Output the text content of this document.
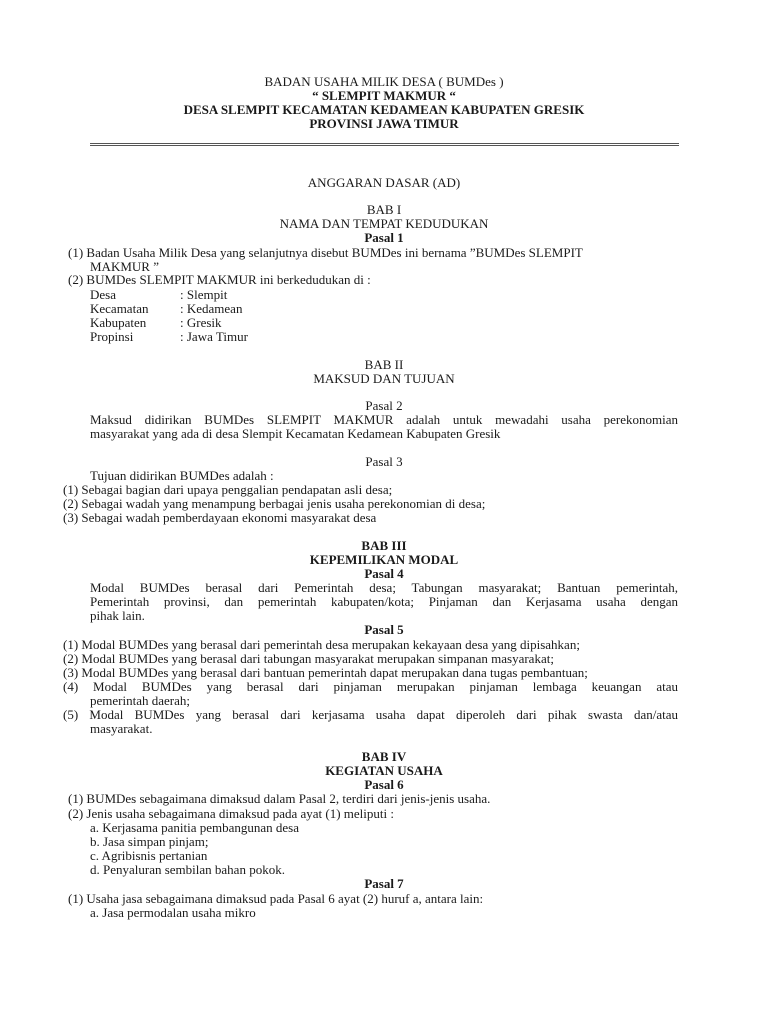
BADAN USAHA MILIK DESA ( BUMDes )
“ SLEMPIT MAKMUR “
DESA SLEMPIT KECAMATAN KEDAMEAN KABUPATEN GRESIK
PROVINSI JAWA TIMUR
ANGGARAN DASAR (AD)
BAB I
NAMA DAN TEMPAT KEDUDUKAN
Pasal 1
(1) Badan Usaha Milik Desa yang selanjutnya disebut BUMDes ini bernama ”BUMDes SLEMPIT
MAKMUR ”
(2) BUMDes SLEMPIT MAKMUR ini berkedudukan di :
Desa	: Slempit
Kecamatan : Kedamean
Kabupaten	: Gresik
Propinsi	: Jawa Timur
BAB II
MAKSUD DAN TUJUAN
Pasal 2
Maksud didirikan BUMDes SLEMPIT MAKMUR adalah untuk mewadahi usaha perekonomian
masyarakat yang ada di desa Slempit Kecamatan Kedamean Kabupaten Gresik
Pasal 3
Tujuan didirikan BUMDes adalah :
(1) Sebagai bagian dari upaya penggalian pendapatan asli desa;
(2) Sebagai wadah yang menampung berbagai jenis usaha perekonomian di desa;
(3) Sebagai wadah pemberdayaan ekonomi masyarakat desa
BAB III
KEPEMILIKAN MODAL
Pasal 4
Modal BUMDes berasal dari Pemerintah desa; Tabungan masyarakat; Bantuan pemerintah,
Pemerintah provinsi, dan pemerintah kabupaten/kota; Pinjaman dan Kerjasama usaha dengan
pihak lain.
Pasal 5
(1) Modal BUMDes yang berasal dari pemerintah desa merupakan kekayaan desa yang dipisahkan;
(2) Modal BUMDes yang berasal dari tabungan masyarakat merupakan simpanan masyarakat;
(3) Modal BUMDes yang berasal dari bantuan pemerintah dapat merupakan dana tugas pembantuan;
(4) Modal BUMDes yang berasal dari pinjaman merupakan pinjaman lembaga keuangan atau
pemerintah daerah;
(5) Modal BUMDes yang berasal dari kerjasama usaha dapat diperoleh dari pihak swasta dan/atau
masyarakat.
BAB IV
KEGIATAN USAHA
Pasal 6
(1) BUMDes sebagaimana dimaksud dalam Pasal 2, terdiri dari jenis-jenis usaha.
(2) Jenis usaha sebagaimana dimaksud pada ayat (1) meliputi :
a. Kerjasama panitia pembangunan desa
b. Jasa simpan pinjam;
c. Agribisnis pertanian
d. Penyaluran sembilan bahan pokok.
Pasal 7
(1) Usaha jasa sebagaimana dimaksud pada Pasal 6 ayat (2) huruf a, antara lain:
a. Jasa permodalan usaha mikro
